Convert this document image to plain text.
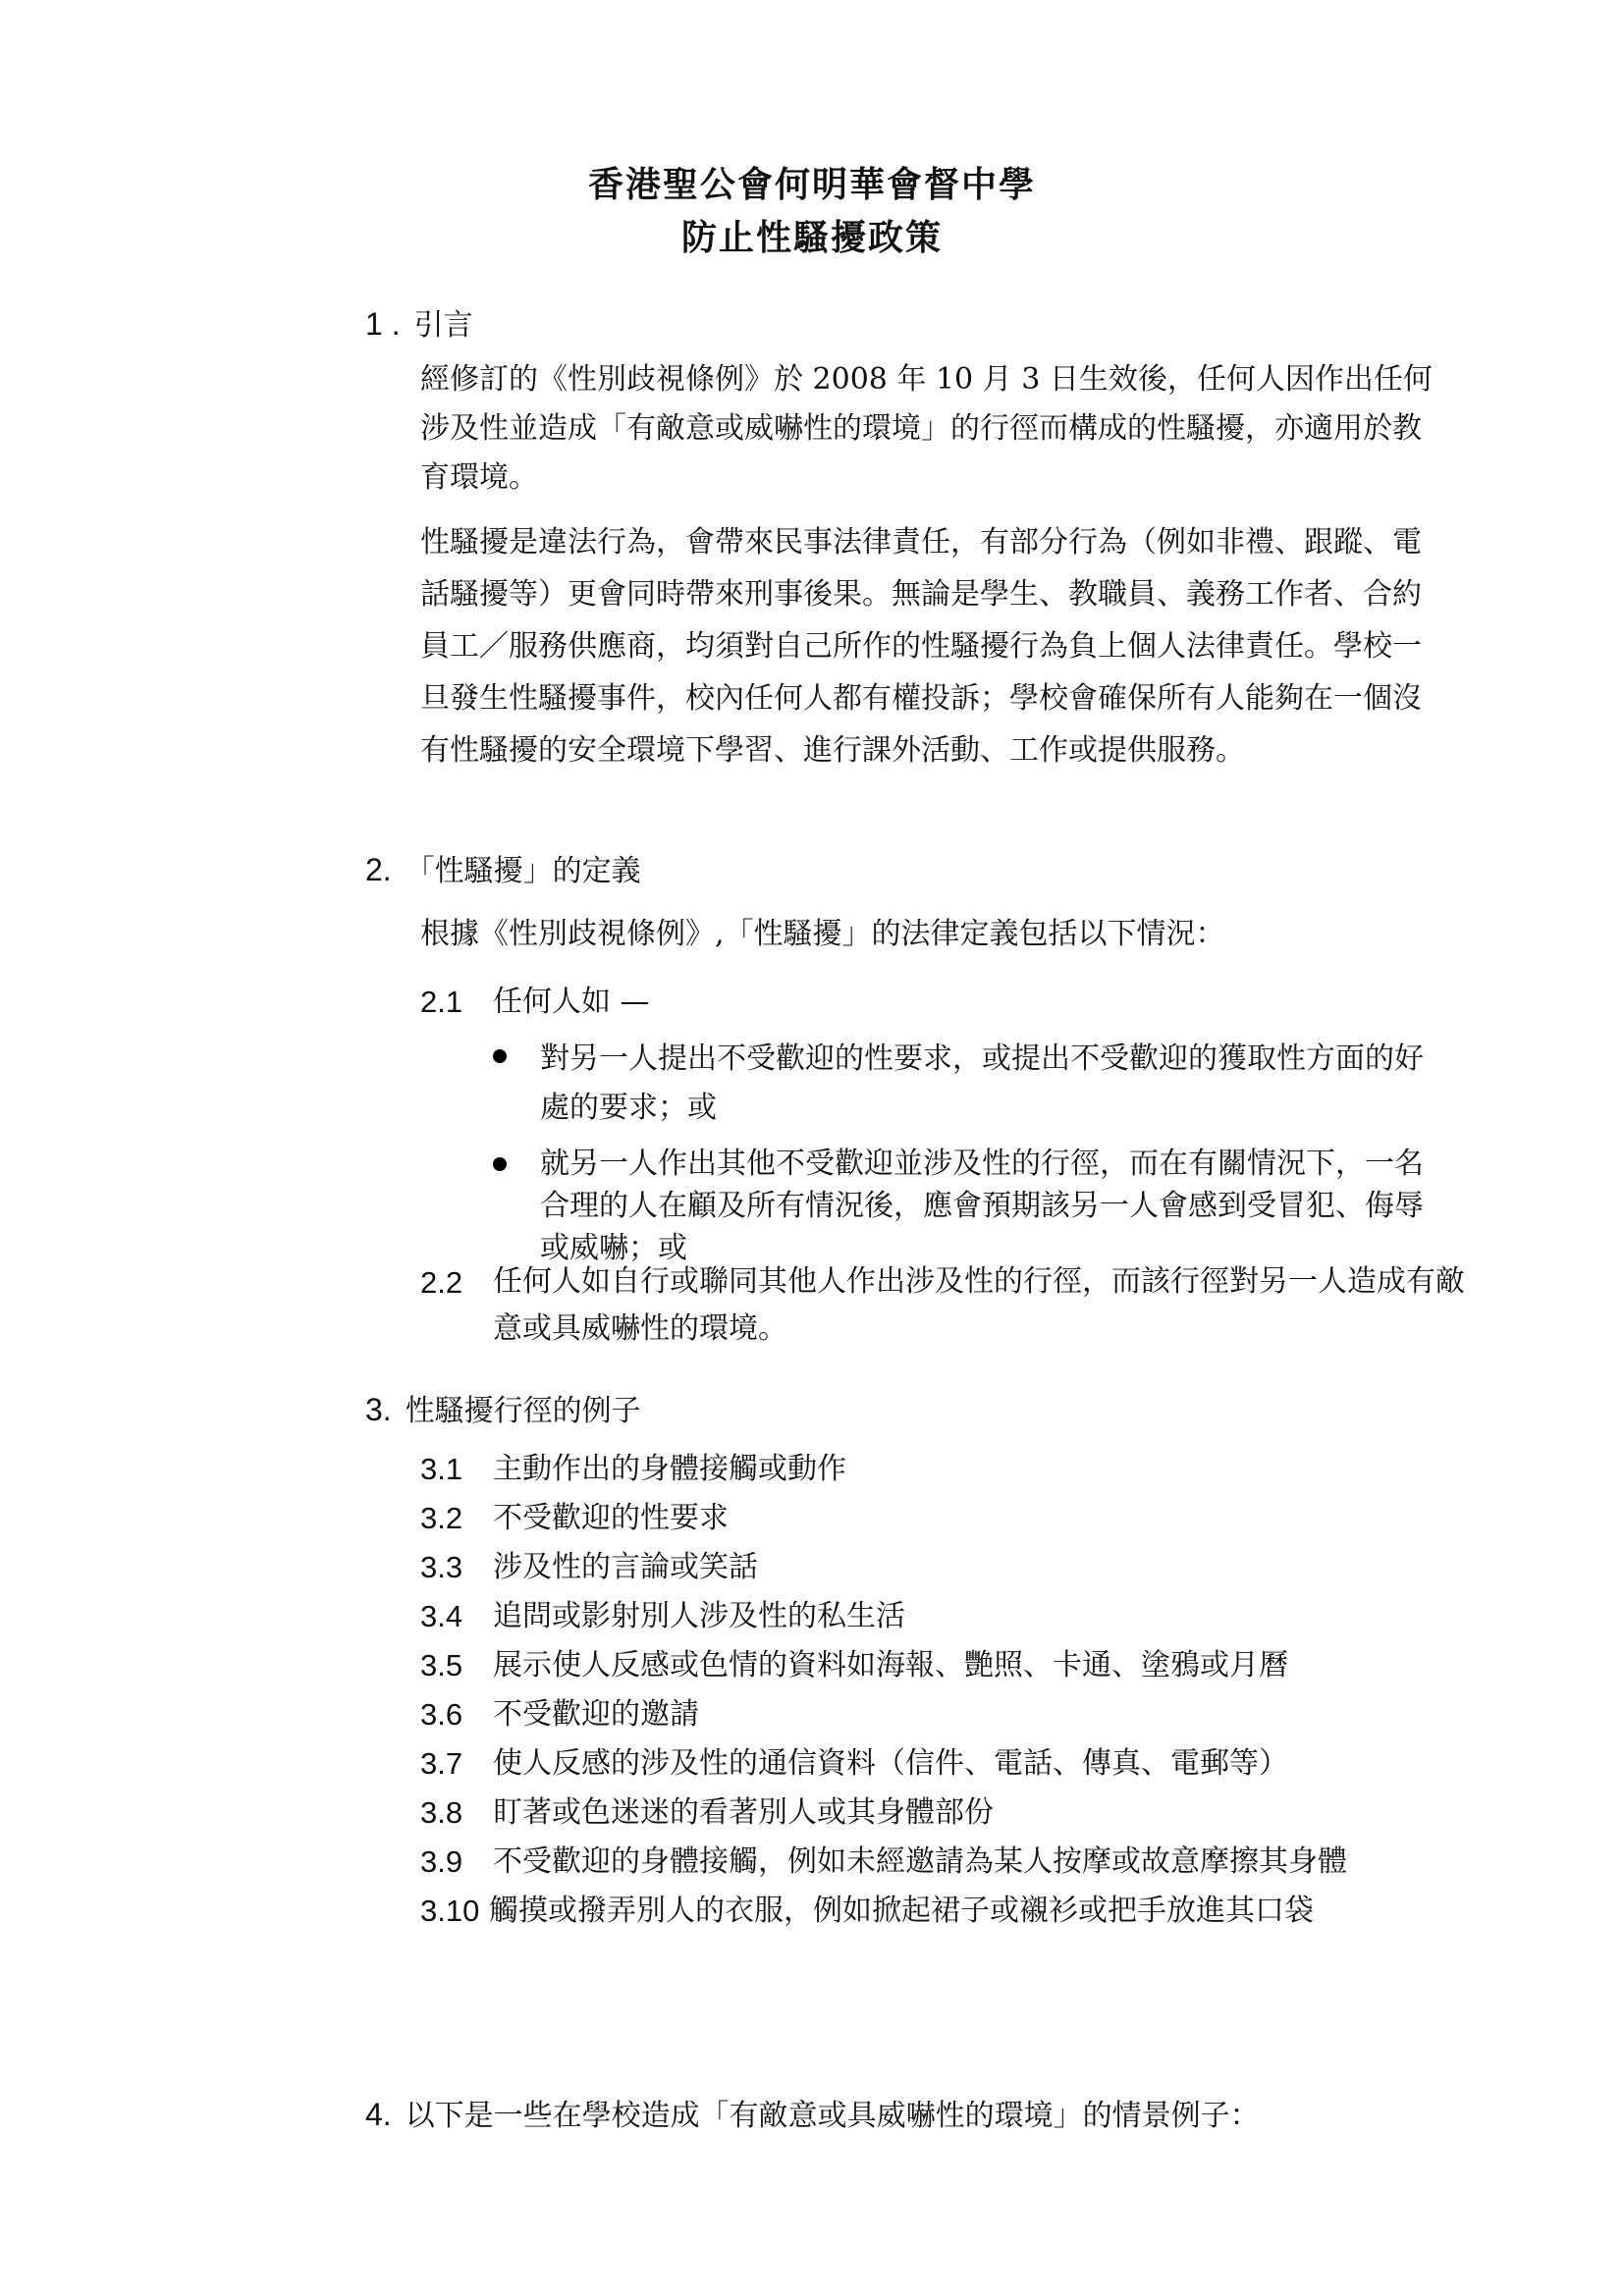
香港聖公會何明華會督中學
防止性騷擾政策
1 . 引言

經修訂的《性別歧視條例》於 2008 年 10 月 3 日生效後，任何人因作出任何涉及性並造成「有敵意或威嚇性的環境」的行徑而構成的性騷擾，亦適用於教育環境。

性騷擾是違法行為，會帶來民事法律責任，有部分行為（例如非禮、跟蹤、電話騷擾等）更會同時帶來刑事後果。無論是學生、教職員、義務工作者、合約員工／服務供應商，均須對自己所作的性騷擾行為負上個人法律責任。學校一旦發生性騷擾事件，校內任何人都有權投訴；學校會確保所有人能夠在一個沒有性騷擾的安全環境下學習、進行課外活動、工作或提供服務。

2. 「性騷擾」的定義
根據《性別歧視條例》,「性騷擾」的法律定義包括以下情況：
2.1 任何人如 —
對另一人提出不受歡迎的性要求，或提出不受歡迎的獲取性方面的好處的要求；或
就另一人作出其他不受歡迎並涉及性的行徑，而在有關情況下，一名合理的人在顧及所有情況後，應會預期該另一人會感到受冒犯、侮辱或威嚇；或
2.2 任何人如自行或聯同其他人作出涉及性的行徑，而該行徑對另一人造成有敵意或具威嚇性的環境。
3. 性騷擾行徑的例子
3.1 主動作出的身體接觸或動作
3.2 不受歡迎的性要求
3.3 涉及性的言論或笑話
3.4 追問或影射別人涉及性的私生活
3.5 展示使人反感或色情的資料如海報、艷照、卡通、塗鴉或月曆
3.6 不受歡迎的邀請
3.7 使人反感的涉及性的通信資料（信件、電話、傳真、電郵等）
3.8 盯著或色迷迷的看著別人或其身體部份
3.9 不受歡迎的身體接觸，例如未經邀請為某人按摩或故意摩擦其身體
3.10 觸摸或撥弄別人的衣服，例如掀起裙子或襯衫或把手放進其口袋
4. 以下是一些在學校造成「有敵意或具威嚇性的環境」的情景例子：
